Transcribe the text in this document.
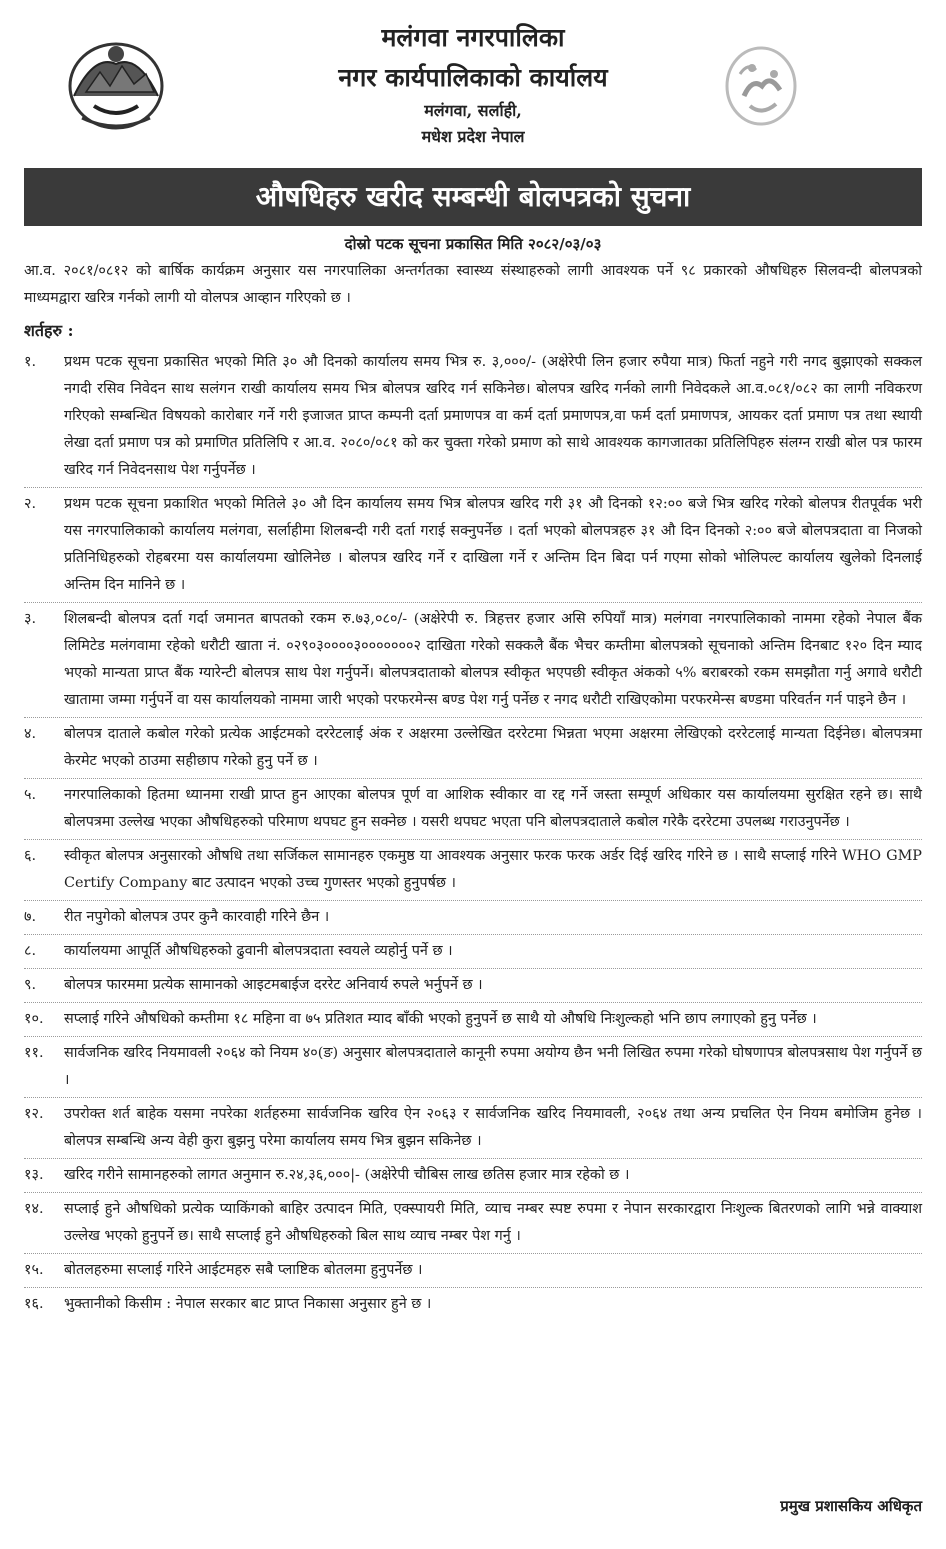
मलंगवा नगरपालिका
नगर कार्यपालिकाको कार्यालय
मलंगवा, सर्लाही,
मधेश प्रदेश नेपाल
औषधिहरु खरीद सम्बन्धी बोलपत्रको सुचना
दोस्रो पटक सूचना प्रकासित मिति २०८२/०३/०३

आ.व. २०८१/०८१२ को बार्षिक कार्यक्रम अनुसार यस नगरपालिका अन्तर्गतका स्वास्थ्य संस्थाहरुको लागी आवश्यक पर्ने ९८ प्रकारको औषधिहरु सिलवन्दी बोलपत्रको माध्यमद्वारा खरित्र गर्नको लागी यो वोलपत्र आव्हान गरिएको छ ।

शर्तहरु :
१.	प्रथम पटक सूचना प्रकासित भएको मिति ३० औ दिनको कार्यालय समय भित्र रु. ३,०००/- (अक्षेरेपी लिन हजार रुपैया मात्र) फिर्ता नहुने गरी नगद बुझाएको सक्कल नगदी रसिव निवेदन साथ सलंगन राखी कार्यालय समय भित्र बोलपत्र खरिद गर्न सकिनेछ। बोलपत्र खरिद गर्नको लागी निवेदकले आ.व.०८१/०८२ का लागी नविकरण गरिएको सम्बन्धित विषयको कारोबार गर्ने गरी इजाजत प्राप्त कम्पनी दर्ता प्रमाणपत्र वा कर्म दर्ता प्रमाणपत्र,वा फर्म दर्ता प्रमाणपत्र, आयकर दर्ता प्रमाण पत्र तथा स्थायी लेखा दर्ता प्रमाण पत्र को प्रमाणित प्रतिलिपि र आ.व. २०८०/०८१ को कर चुक्ता गरेको प्रमाण को साथे आवश्यक कागजातका प्रतिलिपिहरु संलग्न राखी बोल पत्र फारम खरिद गर्न निवेदनसाथ पेश गर्नुपर्नेछ ।
२.	प्रथम पटक सूचना प्रकाशित भएको मितिले ३० औ दिन कार्यालय समय भित्र बोलपत्र खरिद गरी ३१ औ दिनको १२:०० बजे भित्र खरिद गरेको बोलपत्र रीतपूर्वक भरी यस नगरपालिकाको कार्यालय मलंगवा, सर्लाहीमा शिलबन्दी गरी दर्ता गराई सक्नुपर्नेछ । दर्ता भएको बोलपत्रहरु ३१ औ दिन दिनको २:०० बजे बोलपत्रदाता वा निजको प्रतिनिधिहरुको रोहबरमा यस कार्यालयमा खोलिनेछ । बोलपत्र खरिद गर्ने र दाखिला गर्ने र अन्तिम दिन बिदा पर्न गएमा सोको भोलिपल्ट कार्यालय खुलेको दिनलाई अन्तिम दिन मानिने छ ।
३.	शिलबन्दी बोलपत्र दर्ता गर्दा जमानत बापतको रकम रु.७३,०८०/- (अक्षेरेपी रु. त्रिहत्तर हजार असि रुपियाँ मात्र) मलंगवा नगरपालिकाको नाममा रहेको नेपाल बैंक लिमिटेड मलंगवामा रहेको धरौटी खाता नं. ०२९०३००००३०००००००२ दाखिता गरेको सक्कलै बैंक भैचर कम्तीमा बोलपत्रको सूचनाको अन्तिम दिनबाट १२० दिन म्याद भएको मान्यता प्राप्त बैंक ग्यारेन्टी बोलपत्र साथ पेश गर्नुपर्ने। बोलपत्रदाताको बोलपत्र स्वीकृत भएपछी स्वीकृत अंकको ५% बराबरको रकम समझौता गर्नु अगावे धरौटी खातामा जम्मा गर्नुपर्ने वा यस कार्यालयको नाममा जारी भएको परफरमेन्स बण्ड पेश गर्नु पर्नेछ र नगद धरौटी राखिएकोमा परफरमेन्स बण्डमा परिवर्तन गर्न पाइने छैन ।
४.	बोलपत्र दाताले कबोल गरेको प्रत्येक आईटमको दररेटलाई अंक र अक्षरमा उल्लेखित दररेटमा भिन्नता भएमा अक्षरमा लेखिएको दररेटलाई मान्यता दिईनेछ। बोलपत्रमा केरमेट भएको ठाउमा सहीछाप गरेको हुनु पर्ने छ ।
५.	नगरपालिकाको हितमा ध्यानमा राखी प्राप्त हुन आएका बोलपत्र पूर्ण वा आशिक स्वीकार वा रद्द गर्ने जस्ता सम्पूर्ण अधिकार यस कार्यालयमा सुरक्षित रहने छ। साथै बोलपत्रमा उल्लेख भएका औषधिहरुको परिमाण थपघट हुन सक्नेछ । यसरी थपघट भएता पनि बोलपत्रदाताले कबोल गरेकै दररेटमा उपलब्ध गराउनुपर्नेछ ।
६.	स्वीकृत बोलपत्र अनुसारको औषधि तथा सर्जिकल सामानहरु एकमुष्ठ या आवश्यक अनुसार फरक फरक अर्डर दिई खरिद गरिने छ । साथै सप्लाई गरिने WHO GMP Certify Company बाट उत्पादन भएको उच्च गुणस्तर भएको हुनुपर्षछ ।
७.	रीत नपुगेको बोलपत्र उपर कुनै कारवाही गरिने छैन ।
८.	कार्यालयमा आपूर्ति औषधिहरुको ढुवानी बोलपत्रदाता स्वयले व्यहोर्नु पर्ने छ ।
९.	बोलपत्र फारममा प्रत्येक सामानको आइटमबाईज दररेट अनिवार्य रुपले भर्नुपर्ने छ ।
१०.	सप्लाई गरिने औषधिको कम्तीमा १८ महिना वा ७५ प्रतिशत म्याद बाँकी भएको हुनुपर्ने छ साथै यो औषधि निःशुल्कहो भनि छाप लगाएको हुनु पर्नेछ ।
११.	सार्वजनिक खरिद नियमावली २०६४ को नियम ४०(ङ) अनुसार बोलपत्रदाताले कानूनी रुपमा अयोग्य छैन भनी लिखित रुपमा गरेको घोषणापत्र बोलपत्रसाथ पेश गर्नुपर्ने छ ।
१२.	उपरोक्त शर्त बाहेक यसमा नपरेका शर्तहरुमा सार्वजनिक खरिव ऐन २०६३ र सार्वजनिक खरिद नियमावली, २०६४ तथा अन्य प्रचलित ऐन नियम बमोजिम हुनेछ । बोलपत्र सम्बन्धि अन्य वेही कुरा बुझनु परेमा कार्यालय समय भित्र बुझन सकिनेछ ।
१३.	खरिद गरीने सामानहरुको लागत अनुमान रु.२४,३६,०००|- (अक्षेरेपी चौबिस लाख छतिस हजार मात्र रहेको छ ।
१४.	सप्लाई हुने औषधिको प्रत्येक प्याकिंगको बाहिर उत्पादन मिति, एक्स्पायरी मिति, व्याच नम्बर स्पष्ट रुपमा र नेपान सरकारद्वारा निःशुल्क बितरणको लागि भन्ने वाक्याश उल्लेख भएको हुनुपर्ने छ। साथै सप्लाई हुने औषधिहरुको बिल साथ व्याच नम्बर पेश गर्नु ।
१५.	बोतलहरुमा सप्लाई गरिने आईटमहरु सबै प्लाष्टिक बोतलमा हुनुपर्नेछ ।
१६.	भुक्तानीको किसीम : नेपाल सरकार बाट प्राप्त निकासा अनुसार हुने छ ।
प्रमुख प्रशासकिय अधिकृत
